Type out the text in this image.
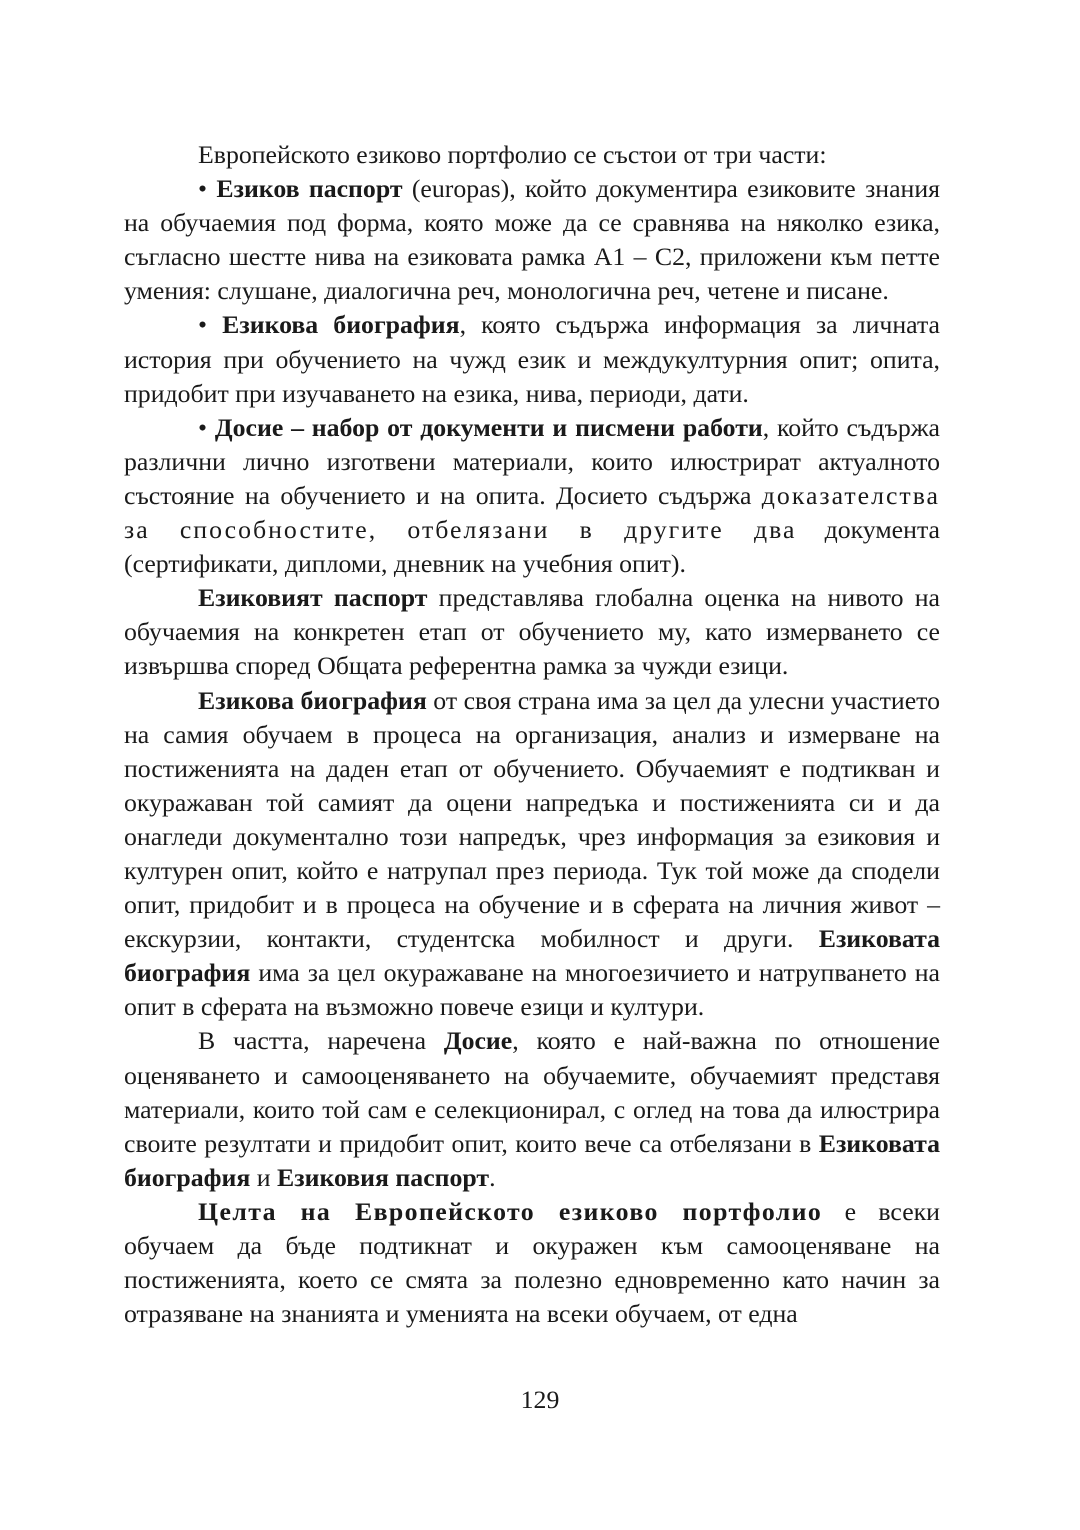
Европейското езиково портфолио се състои от три части:

• Езиков паспорт (europas), който документира езиковите знания на обучаемия под форма, която може да се сравнява на няколко езика, съгласно шестте нива на езиковата рамка А1 – С2, приложени към петте умения: слушане, диалогична реч, монологична реч, четене и писане.

• Езикова биография, която съдържа информация за личната история при обучението на чужд език и междукултурния опит; опита, придобит при изучаването на езика, нива, периоди, дати.

• Досие – набор от документи и писмени работи, който съдържа различни лично изготвени материали, които илюстрират актуалното състояние на обучението и на опита. Досието съдържа доказателства за способностите, отбелязани в другите два документа (сертификати, дипломи, дневник на учебния опит).

Езиковият паспорт представлява глобална оценка на нивото на обучаемия на конкретен етап от обучението му, като измерването се извършва според Общата референтна рамка за чужди езици.

Езикова биография от своя страна има за цел да улесни участието на самия обучаем в процеса на организация, анализ и измерване на постиженията на даден етап от обучението. Обучаемият е подтикван и окуражаван той самият да оцени напредъка и постиженията си и да онагледи документално този напредък, чрез информация за езиковия и културен опит, който е натрупал през периода. Тук той може да сподели опит, придобит и в процеса на обучение и в сферата на личния живот – екскурзии, контакти, студентска мобилност и други. Езиковата биография има за цел окуражаване на многоезичието и натрупването на опит в сферата на възможно повече езици и култури.

В частта, наречена Досие, която е най-важна по отношение оценяването и самооценяването на обучаемите, обучаемият представя материали, които той сам е селекционирал, с оглед на това да илюстрира своите резултати и придобит опит, които вече са отбелязани в Езиковата биография и Езиковия паспорт.

Целта на Европейското езиково портфолио е всеки обучаем да бъде подтикнат и окуражен към самооценяване на постиженията, което се смята за полезно едновременно като начин за отразяване на знанията и уменията на всеки обучаем, от една

129
